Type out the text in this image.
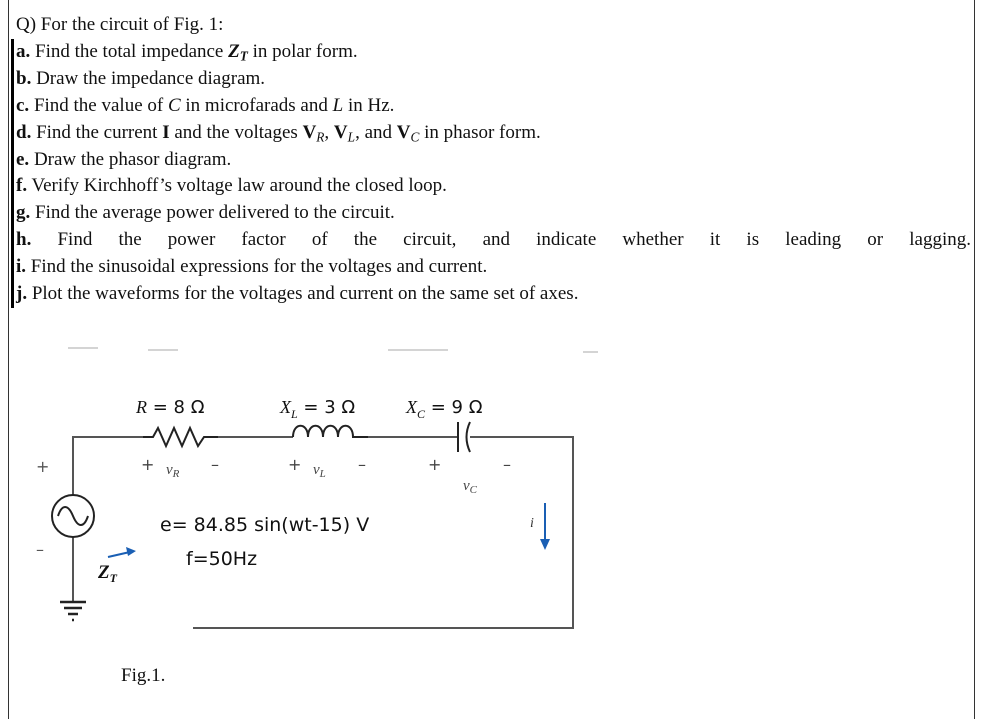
Q) For the circuit of Fig. 1:
a. Find the total impedance $Z_T$ in polar form.
b. Draw the impedance diagram.
c. Find the value of C in microfarads and L in Hz.
d. Find the current I and the voltages $V_R$, $V_L$, and $V_C$ in phasor form.
e. Draw the phasor diagram.
f. Verify Kirchhoff’s voltage law around the closed loop.
g. Find the average power delivered to the circuit.
h. Find the power factor of the circuit, and indicate whether it is leading or lagging.
i. Find the sinusoidal expressions for the voltages and current.
j. Plot the waveforms for the voltages and current on the same set of axes.
+
–
R = 8 Ω	$X_L = 3$ Ω	$X_C = 9$ Ω
+ $v_R$ –	+ $v_L$ –	+
$v_C$
–
e= 84.85 sin(wt-15) V
f=50Hz
$Z_T$
i
Fig.1.
